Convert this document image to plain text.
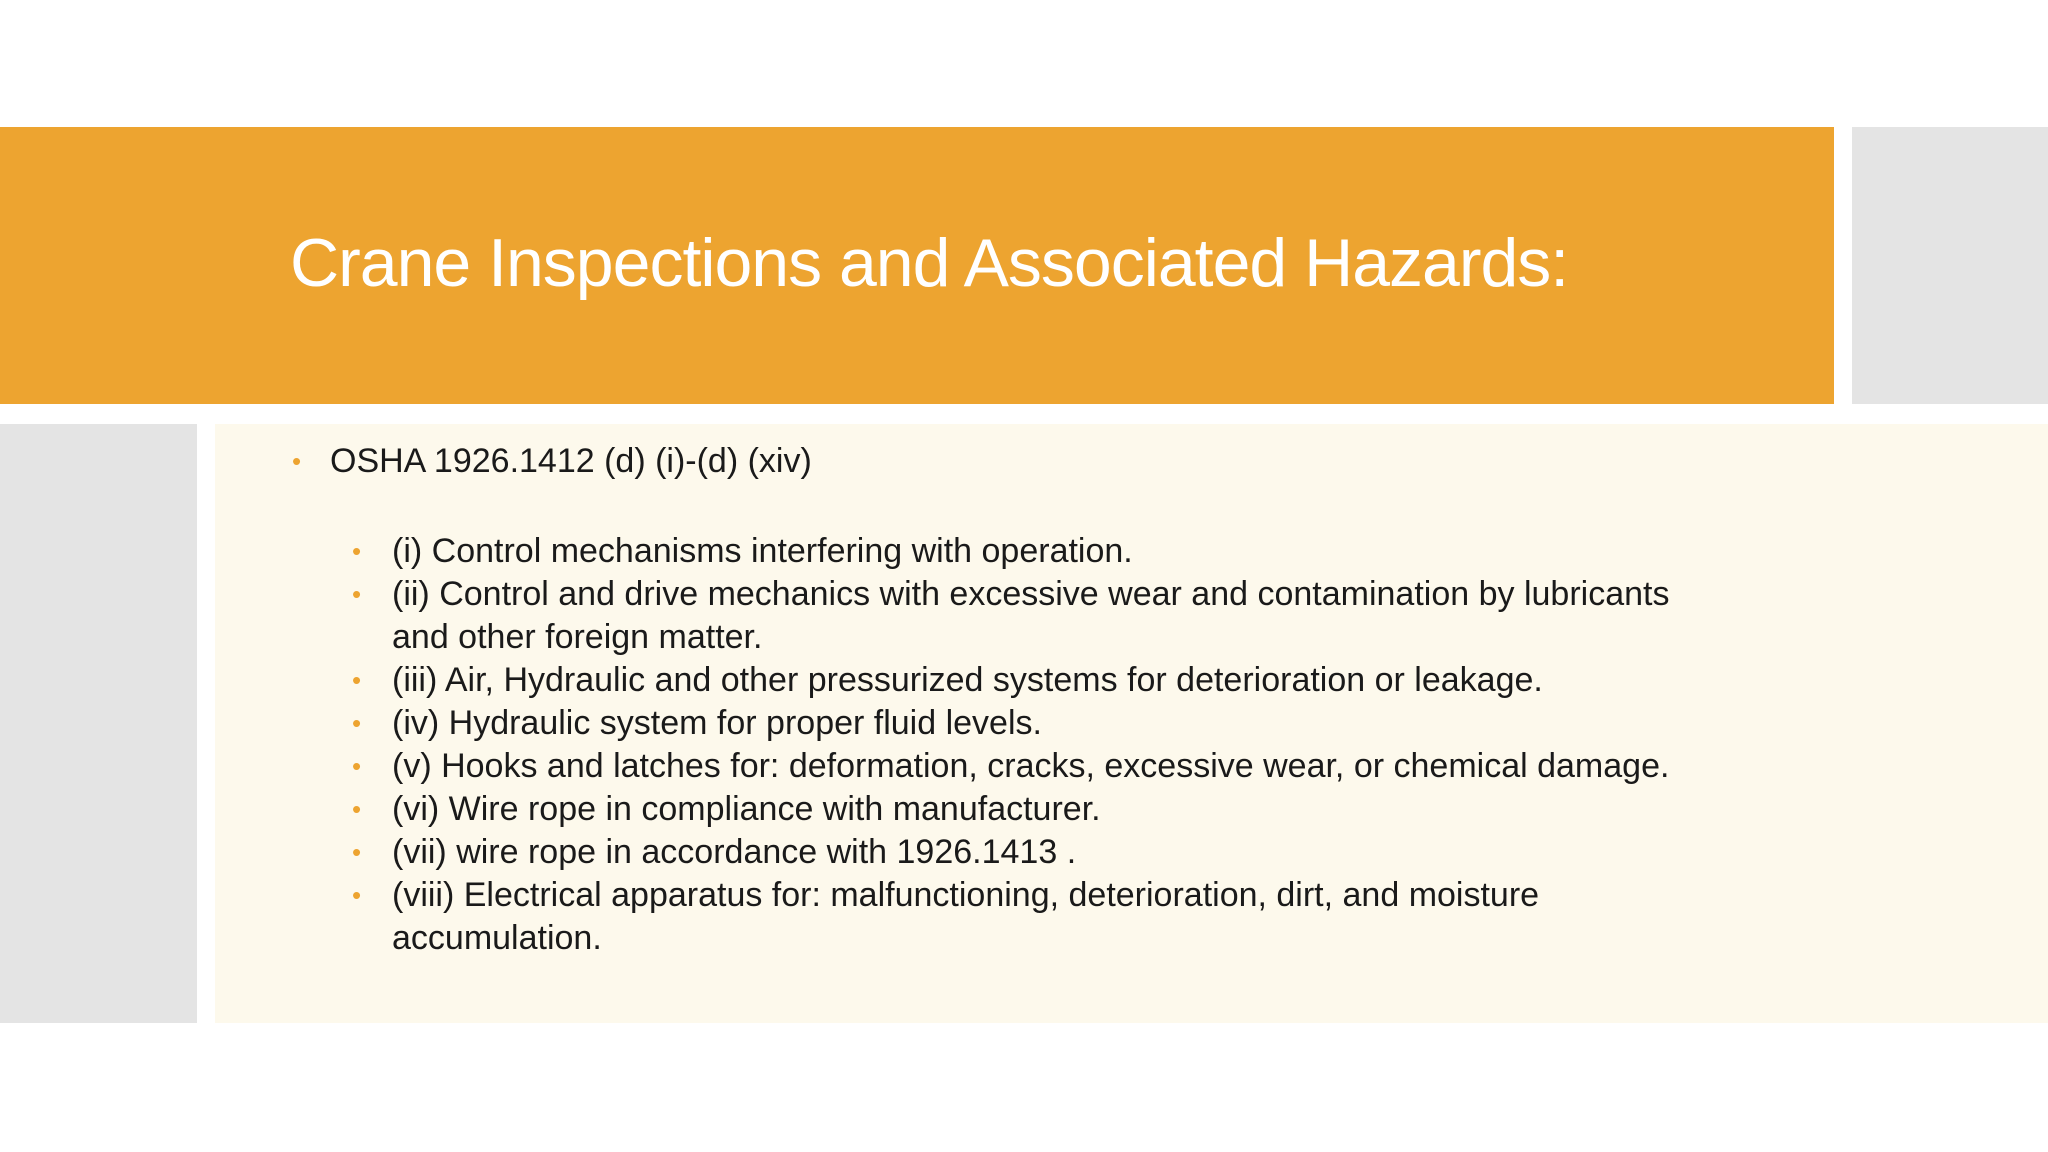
Crane Inspections and Associated Hazards:
• OSHA 1926.1412 (d) (i)-(d) (xiv)
• (i) Control mechanisms interfering with operation.
• (ii) Control and drive mechanics with excessive wear and contamination by lubricants and other foreign matter.
• (iii) Air, Hydraulic and other pressurized systems for deterioration or leakage.
• (iv) Hydraulic system for proper fluid levels.
• (v) Hooks and latches for: deformation, cracks, excessive wear, or chemical damage.
• (vi) Wire rope in compliance with manufacturer.
• (vii) wire rope in accordance with 1926.1413 .
• (viii) Electrical apparatus for: malfunctioning, deterioration, dirt, and moisture accumulation.
